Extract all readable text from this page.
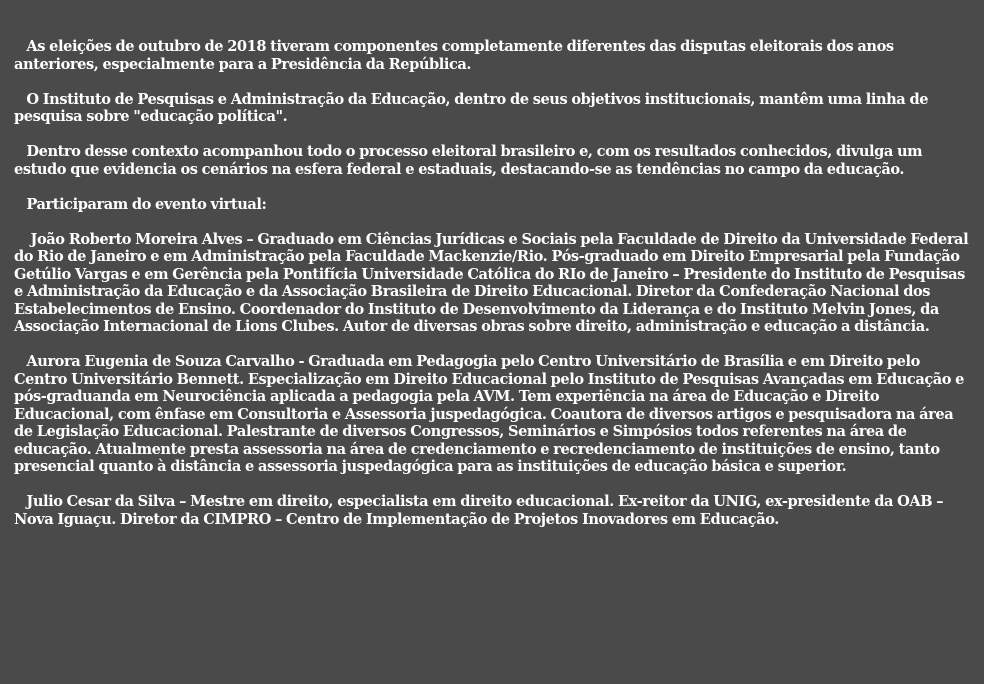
As eleições de outubro de 2018 tiveram componentes completamente diferentes das disputas eleitorais dos anos anteriores, especialmente para a Presidência da República.

O Instituto de Pesquisas e Administração da Educação, dentro de seus objetivos institucionais, mantêm uma linha de pesquisa sobre "educação política".

Dentro desse contexto acompanhou todo o processo eleitoral brasileiro e, com os resultados conhecidos, divulga um estudo que evidencia os cenários na esfera federal e estaduais, destacando-se as tendências no campo da educação.

Participaram do evento virtual:

João Roberto Moreira Alves – Graduado em Ciências Jurídicas e Sociais pela Faculdade de Direito da Universidade Federal do Rio de Janeiro e em Administração pela Faculdade Mackenzie/Rio. Pós-graduado em Direito Empresarial pela Fundação Getúlio Vargas e em Gerência pela Pontifícia Universidade Católica do RIo de Janeiro – Presidente do Instituto de Pesquisas e Administração da Educação e da Associação Brasileira de Direito Educacional. Diretor da Confederação Nacional dos Estabelecimentos de Ensino. Coordenador do Instituto de Desenvolvimento da Liderança e do Instituto Melvin Jones, da Associação Internacional de Lions Clubes. Autor de diversas obras sobre direito, administração e educação a distância.

Aurora Eugenia de Souza Carvalho - Graduada em Pedagogia pelo Centro Universitário de Brasília e em Direito pelo Centro Universitário Bennett. Especialização em Direito Educacional pelo Instituto de Pesquisas Avançadas em Educação e pós-graduanda em Neurociência aplicada a pedagogia pela AVM. Tem experiência na área de Educação e Direito Educacional, com ênfase em Consultoria e Assessoria juspedagógica. Coautora de diversos artigos e pesquisadora na área de Legislação Educacional. Palestrante de diversos Congressos, Seminários e Simpósios todos referentes na área de educação. Atualmente presta assessoria na área de credenciamento e recredenciamento de instituições de ensino, tanto presencial quanto à distância e assessoria juspedagógica para as instituições de educação básica e superior.

Julio Cesar da Silva – Mestre em direito, especialista em direito educacional. Ex-reitor da UNIG, ex-presidente da OAB – Nova Iguaçu. Diretor da CIMPRO – Centro de Implementação de Projetos Inovadores em Educação.
